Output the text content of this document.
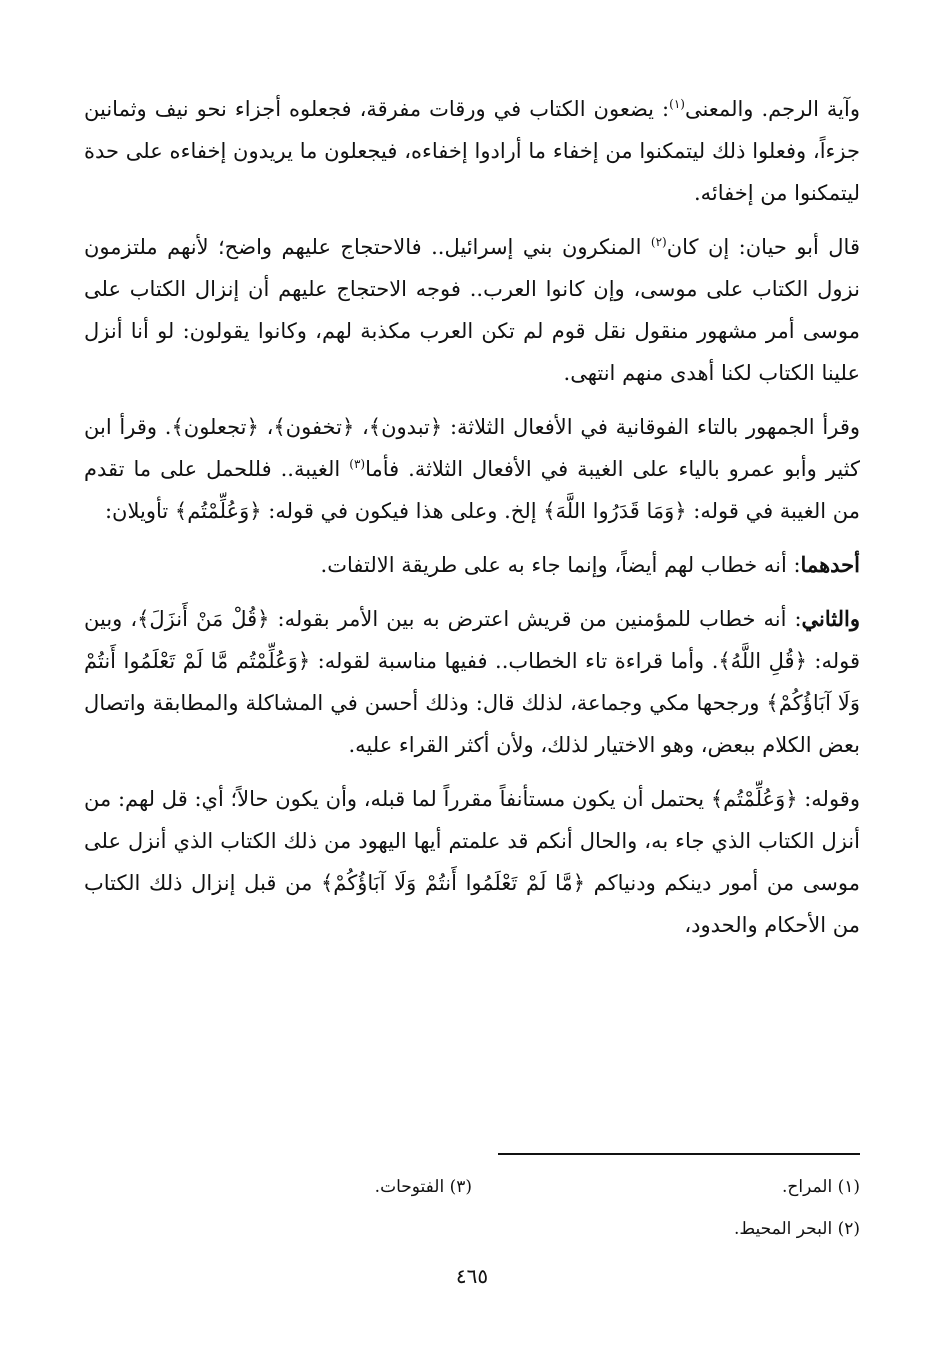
وآية الرجم. والمعنى$^{(١)}$: يضعون الكتاب في ورقات مفرقة، فجعلوه أجزاء نحو نيف وثمانين جزءاً، وفعلوا ذلك ليتمكنوا من إخفاء ما أرادوا إخفاءه، فيجعلون ما يريدون إخفاءه على حدة ليتمكنوا من إخفائه.

قال أبو حيان: إن كان$^{(٢)}$ المنكرون بني إسرائيل.. فالاحتجاج عليهم واضح؛ لأنهم ملتزمون نزول الكتاب على موسى، وإن كانوا العرب.. فوجه الاحتجاج عليهم أن إنزال الكتاب على موسى أمر مشهور منقول نقل قوم لم تكن العرب مكذبة لهم، وكانوا يقولون: لو أنا أنزل علينا الكتاب لكنا أهدى منهم انتهى.

وقرأ الجمهور بالتاء الفوقانية في الأفعال الثلاثة: ﴿تبدون﴾، ﴿تخفون﴾، ﴿تجعلون﴾. وقرأ ابن كثير وأبو عمرو بالياء على الغيبة في الأفعال الثلاثة. فأما$^{(٣)}$ الغيبة.. فللحمل على ما تقدم من الغيبة في قوله: ﴿وَمَا قَدَرُوا اللَّهَ﴾ إلخ. وعلى هذا فيكون في قوله: ﴿وَعُلِّمْتُم﴾ تأويلان:

أحدهما: أنه خطاب لهم أيضاً، وإنما جاء به على طريقة الالتفات.

والثاني: أنه خطاب للمؤمنين من قريش اعترض به بين الأمر بقوله: ﴿قُلْ مَنْ أَنزَلَ﴾، وبين قوله: ﴿قُلِ اللَّهُ﴾. وأما قراءة تاء الخطاب.. ففيها مناسبة لقوله: ﴿وَعُلِّمْتُم مَّا لَمْ تَعْلَمُوا أَنتُمْ وَلَا آبَاؤُكُمْ﴾ ورجحها مكي وجماعة، لذلك قال: وذلك أحسن في المشاكلة والمطابقة واتصال بعض الكلام ببعض، وهو الاختيار لذلك، ولأن أكثر القراء عليه.

وقوله: ﴿وَعُلِّمْتُم﴾ يحتمل أن يكون مستأنفاً مقرراً لما قبله، وأن يكون حالاً؛ أي: قل لهم: من أنزل الكتاب الذي جاء به، والحال أنكم قد علمتم أيها اليهود من ذلك الكتاب الذي أنزل على موسى من أمور دينكم ودنياكم ﴿مَّا لَمْ تَعْلَمُوا أَنتُمْ وَلَا آبَاؤُكُمْ﴾ من قبل إنزال ذلك الكتاب من الأحكام والحدود،

(١) المراح.
(٣) الفتوحات.
(٢) البحر المحيط.
٤٦٥
